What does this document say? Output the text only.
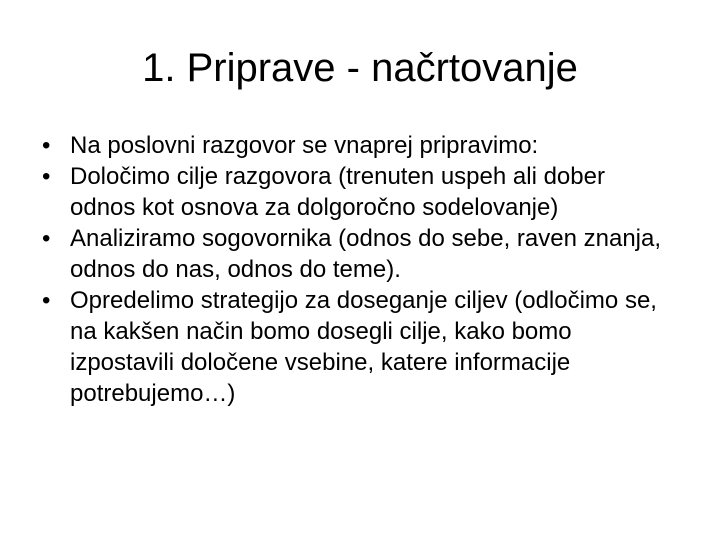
1. Priprave - načrtovanje
• Na poslovni razgovor se vnaprej pripravimo:
• Določimo cilje razgovora (trenuten uspeh ali dober odnos kot osnova za dolgoročno sodelovanje)
• Analiziramo sogovornika (odnos do sebe, raven znanja, odnos do nas, odnos do teme).
• Opredelimo strategijo za doseganje ciljev (odločimo se, na kakšen način bomo dosegli cilje, kako bomo izpostavili določene vsebine, katere informacije potrebujemo…)
